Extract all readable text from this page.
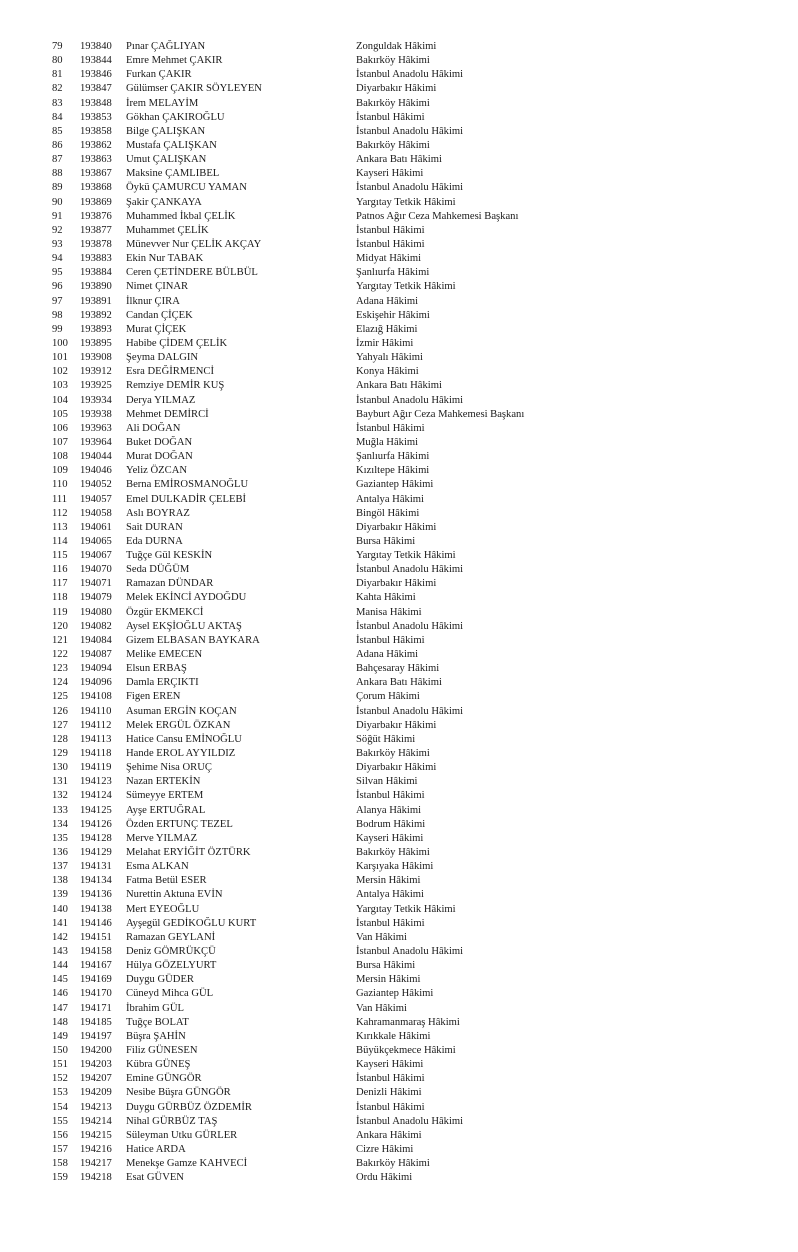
79 193840 Pınar ÇAĞLIYAN	Zonguldak Hâkimi
80 193844 Emre Mehmet ÇAKIR	Bakırköy Hâkimi
81 193846 Furkan ÇAKIR	İstanbul Anadolu Hâkimi
82 193847 Gülümser ÇAKIR SÖYLEYEN	Diyarbakır Hâkimi
83 193848 İrem MELAYİM	Bakırköy Hâkimi
84 193853 Gökhan ÇAKIROĞLU	İstanbul Hâkimi
85 193858 Bilge ÇALIŞKAN	İstanbul Anadolu Hâkimi
86 193862 Mustafa ÇALIŞKAN	Bakırköy Hâkimi
87 193863 Umut ÇALIŞKAN	Ankara Batı Hâkimi
88 193867 Maksine ÇAMLIBEL	Kayseri Hâkimi
89 193868 Öykü ÇAMURCU YAMAN	İstanbul Anadolu Hâkimi
90 193869 Şakir ÇANKAYA	Yargıtay Tetkik Hâkimi
91 193876 Muhammed İkbal ÇELİK	Patnos Ağır Ceza Mahkemesi Başkanı
92 193877 Muhammet ÇELİK	İstanbul Hâkimi
93 193878 Münevver Nur ÇELİK AKÇAY	İstanbul Hâkimi
94 193883 Ekin Nur TABAK	Midyat Hâkimi
95 193884 Ceren ÇETİNDERE BÜLBÜL	Şanlıurfa Hâkimi
96 193890 Nimet ÇINAR	Yargıtay Tetkik Hâkimi
97 193891 İlknur ÇIRA	Adana Hâkimi
98 193892 Candan ÇİÇEK	Eskişehir Hâkimi
99 193893 Murat ÇİÇEK	Elazığ Hâkimi
100 193895 Habibe ÇİDEM ÇELİK	İzmir Hâkimi
101 193908 Şeyma DALGIN	Yahyalı Hâkimi
102 193912 Esra DEĞİRMENCİ	Konya Hâkimi
103 193925 Remziye DEMİR KUŞ	Ankara Batı Hâkimi
104 193934 Derya YILMAZ	İstanbul Anadolu Hâkimi
105 193938 Mehmet DEMİRCİ	Bayburt Ağır Ceza Mahkemesi Başkanı
106 193963 Ali DOĞAN	İstanbul Hâkimi
107 193964 Buket DOĞAN	Muğla Hâkimi
108 194044 Murat DOĞAN	Şanlıurfa Hâkimi
109 194046 Yeliz ÖZCAN	Kızıltepe Hâkimi
110 194052 Berna EMİROSMANOĞLU	Gaziantep Hâkimi
111 194057 Emel DULKADİR ÇELEBİ	Antalya Hâkimi
112 194058 Aslı BOYRAZ	Bingöl Hâkimi
113 194061 Sait DURAN	Diyarbakır Hâkimi
114 194065 Eda DURNA	Bursa Hâkimi
115 194067 Tuğçe Gül KESKİN	Yargıtay Tetkik Hâkimi
116 194070 Seda DÜĞÜM	İstanbul Anadolu Hâkimi
117 194071 Ramazan DÜNDAR	Diyarbakır Hâkimi
118 194079 Melek EKİNCİ AYDOĞDU	Kahta Hâkimi
119 194080 Özgür EKMEKCİ	Manisa Hâkimi
120 194082 Aysel EKŞİOĞLU AKTAŞ	İstanbul Anadolu Hâkimi
121 194084 Gizem ELBASAN BAYKARA	İstanbul Hâkimi
122 194087 Melike EMECEN	Adana Hâkimi
123 194094 Elsun ERBAŞ	Bahçesaray Hâkimi
124 194096 Damla ERÇIKTI	Ankara Batı Hâkimi
125 194108 Figen EREN	Çorum Hâkimi
126 194110 Asuman ERGİN KOÇAN	İstanbul Anadolu Hâkimi
127 194112 Melek ERGÜL ÖZKAN	Diyarbakır Hâkimi
128 194113 Hatice Cansu EMİNOĞLU	Söğüt Hâkimi
129 194118 Hande EROL AYYILDIZ	Bakırköy Hâkimi
130 194119 Şehime Nisa ORUÇ	Diyarbakır Hâkimi
131 194123 Nazan ERTEKİN	Silvan Hâkimi
132 194124 Sümeyye ERTEM	İstanbul Hâkimi
133 194125 Ayşe ERTUĞRAL	Alanya Hâkimi
134 194126 Özden ERTUNÇ TEZEL	Bodrum Hâkimi
135 194128 Merve YILMAZ	Kayseri Hâkimi
136 194129 Melahat ERYİĞİT ÖZTÜRK	Bakırköy Hâkimi
137 194131 Esma ALKAN	Karşıyaka Hâkimi
138 194134 Fatma Betül ESER	Mersin Hâkimi
139 194136 Nurettin Aktuna EVİN	Antalya Hâkimi
140 194138 Mert EYEOĞLU	Yargıtay Tetkik Hâkimi
141 194146 Ayşegül GEDİKOĞLU KURT	İstanbul Hâkimi
142 194151 Ramazan GEYLANİ	Van Hâkimi
143 194158 Deniz GÖMRÜKÇÜ	İstanbul Anadolu Hâkimi
144 194167 Hülya GÖZELYURT	Bursa Hâkimi
145 194169 Duygu GÜDER	Mersin Hâkimi
146 194170 Cüneyd Mihca GÜL	Gaziantep Hâkimi
147 194171 İbrahim GÜL	Van Hâkimi
148 194185 Tuğçe BOLAT	Kahramanmaraş Hâkimi
149 194197 Büşra ŞAHİN	Kırıkkale Hâkimi
150 194200 Filiz GÜNESEN	Büyükçekmece Hâkimi
151 194203 Kübra GÜNEŞ	Kayseri Hâkimi
152 194207 Emine GÜNGÖR	İstanbul Hâkimi
153 194209 Nesibe Büşra GÜNGÖR	Denizli Hâkimi
154 194213 Duygu GÜRBÜZ ÖZDEMİR	İstanbul Hâkimi
155 194214 Nihal GÜRBÜZ TAŞ	İstanbul Anadolu Hâkimi
156 194215 Süleyman Utku GÜRLER	Ankara Hâkimi
157 194216 Hatice ARDA	Cizre Hâkimi
158 194217 Menekşe Gamze KAHVECİ	Bakırköy Hâkimi
159 194218 Esat GÜVEN	Ordu Hâkimi
